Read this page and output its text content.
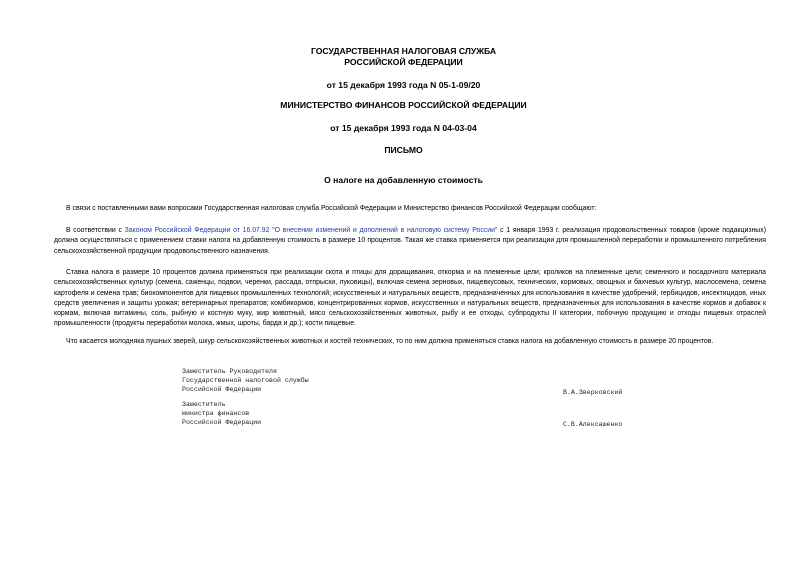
ГОСУДАРСТВЕННАЯ НАЛОГОВАЯ СЛУЖБА
РОССИЙСКОЙ ФЕДЕРАЦИИ
от 15 декабря 1993 года N 05-1-09/20
МИНИСТЕРСТВО ФИНАНСОВ РОССИЙСКОЙ ФЕДЕРАЦИИ
от 15 декабря 1993 года N 04-03-04
ПИСЬМО
О налоге на добавленную стоимость
В связи с поставленными вами вопросами Государственная налоговая служба Российской Федерации и Министерство финансов Российской Федерации сообщают:
В соответствии с Законом Российской Федерации от 16.07.92 "О внесении изменений и дополнений в налоговую систему России" с 1 января 1993 г. реализация продовольственных товаров (кроме подакцизных) должна осуществляться с применением ставки налога на добавленную стоимость в размере 10 процентов. Такая же ставка применяется при реализации для промышленной переработки и промышленного потребления сельскохозяйственной продукции продовольственного назначения.
Ставка налога в размере 10 процентов должна применяться при реализации скота и птицы для доращивания, откорма и на племенные цели; кроликов на племенные цели; семенного и посадочного материала сельскохозяйственных культур (семена, саженцы, подвои, черенки, рассада, отпрыски, луковицы), включая семена зерновых, пищевкусовых, технических, кормовых, овощных и бахчевых культур, маслосемена, семена картофеля и семена трав; биокомпонентов для пищевых промышленных технологий; искусственных и натуральных веществ, предназначенных для использования в качестве удобрений, гербицидов, инсектицидов, иных средств увеличения и защиты урожая; ветеринарных препаратов; комбикормов, концентрированных кормов, искусственных и натуральных веществ, предназначенных для использования в качестве кормов и добавок к кормам, включая витамины, соль, рыбную и костную муку, жир животный, мясо сельскохозяйственных животных, рыбу и ее отходы, субпродукты II категории, побочную продукцию и отходы пищевых отраслей промышленности (продукты переработки молока, жмых, шроты, барда и др.); кости пищевые.
Что касается молодняка пушных зверей, шкур сельскохозяйственных животных и костей технических, то по ним должна применяться ставка налога на добавленную стоимость в размере 20 процентов.
Заместитель Руководителя
Государственной налоговой службы
Российской Федерации	В.А.Зверковский
Заместитель
министра финансов
Российской Федерации	С.В.Алексашенко
